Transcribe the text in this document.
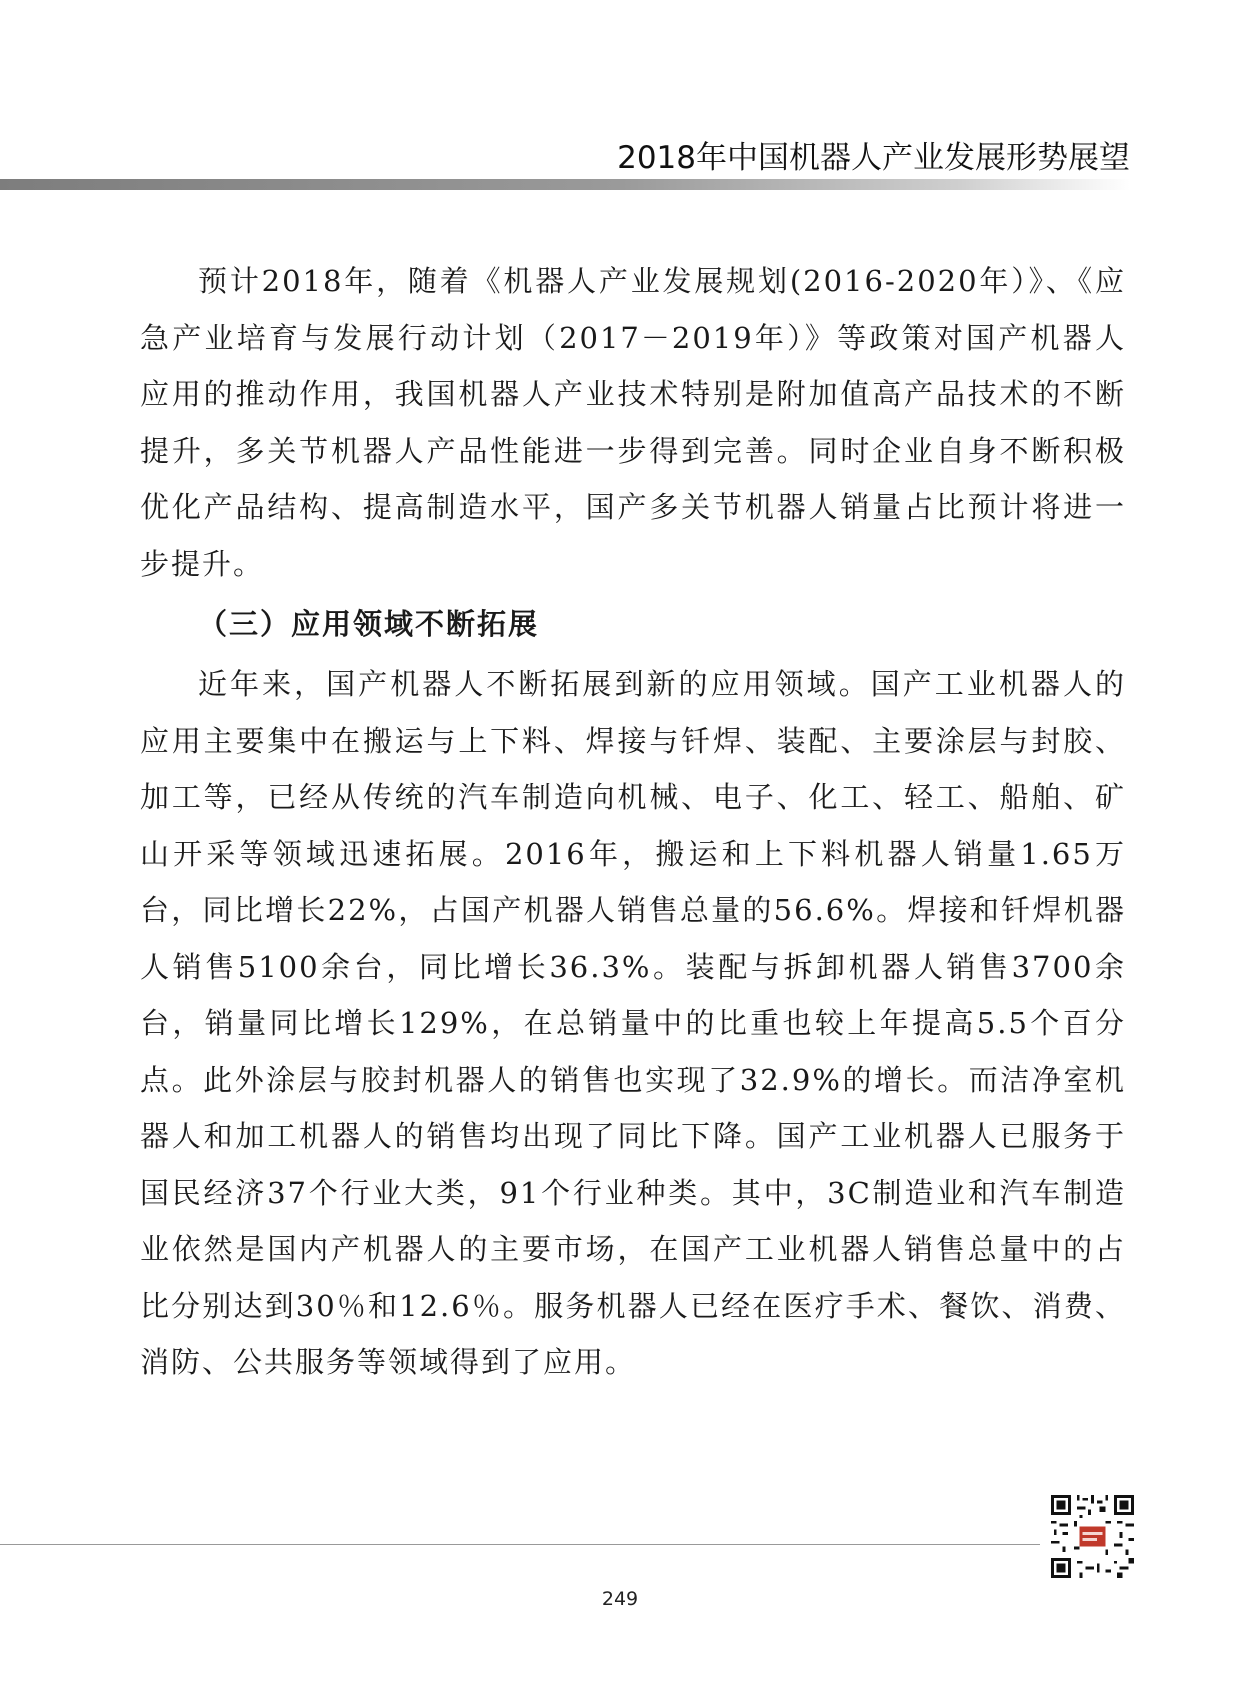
2018年中国机器人产业发展形势展望

预计2018年，随着《机器人产业发展规划(2016-2020年）》、《应急产业培育与发展行动计划（2017－2019年）》等政策对国产机器人应用的推动作用，我国机器人产业技术特别是附加值高产品技术的不断提升，多关节机器人产品性能进一步得到完善。同时企业自身不断积极优化产品结构、提高制造水平，国产多关节机器人销量占比预计将进一步提升。

（三）应用领域不断拓展

近年来，国产机器人不断拓展到新的应用领域。国产工业机器人的应用主要集中在搬运与上下料、焊接与钎焊、装配、主要涂层与封胶、加工等，已经从传统的汽车制造向机械、电子、化工、轻工、船舶、矿山开采等领域迅速拓展。2016年，搬运和上下料机器人销量1.65万台，同比增长22%，占国产机器人销售总量的56.6%。焊接和钎焊机器人销售5100余台，同比增长36.3%。装配与拆卸机器人销售3700余台，销量同比增长129%，在总销量中的比重也较上年提高5.5个百分点。此外涂层与胶封机器人的销售也实现了32.9%的增长。而洁净室机器人和加工机器人的销售均出现了同比下降。国产工业机器人已服务于国民经济37个行业大类，91个行业种类。其中，3C制造业和汽车制造业依然是国内产机器人的主要市场，在国产工业机器人销售总量中的占比分别达到30％和12.6％。服务机器人已经在医疗手术、餐饮、消费、消防、公共服务等领域得到了应用。

249
